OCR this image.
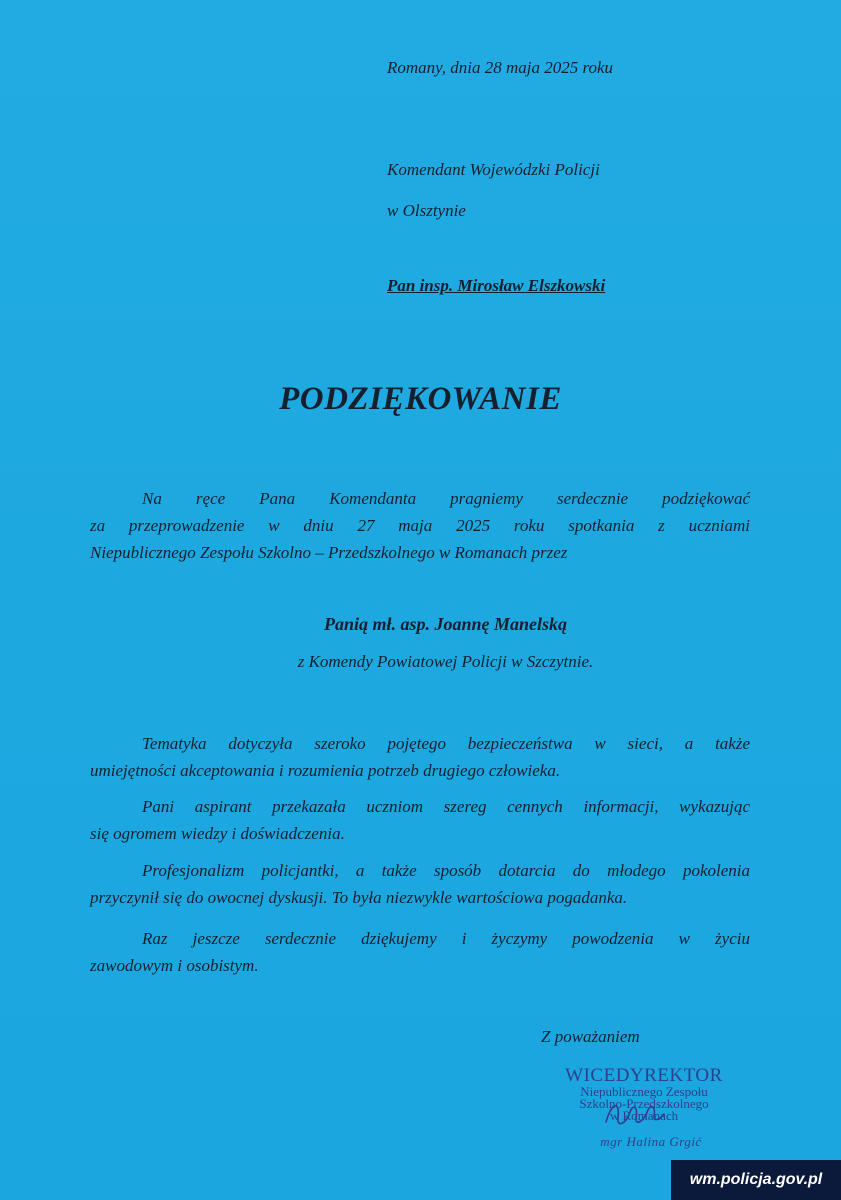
Romany, dnia 28 maja 2025 roku
Komendant Wojewódzki Policji
w Olsztynie
Pan insp. Mirosław Elszkowski
PODZIĘKOWANIE
Na ręce Pana Komendanta pragniemy serdecznie podziękować
za przeprowadzenie w dniu 27 maja 2025 roku spotkania z uczniami
Niepublicznego Zespołu Szkolno – Przedszkolnego w Romanach przez
Panią mł. asp. Joannę Manelską
z Komendy Powiatowej Policji w Szczytnie.
Tematyka dotyczyła szeroko pojętego bezpieczeństwa w sieci, a także
umiejętności akceptowania i rozumienia potrzeb drugiego człowieka.
Pani aspirant przekazała uczniom szereg cennych informacji, wykazując
się ogromem wiedzy i doświadczenia.
Profesjonalizm policjantki, a także sposób dotarcia do młodego pokolenia
przyczynił się do owocnej dyskusji. To była niezwykle wartościowa pogadanka.
Raz jeszcze serdecznie dziękujemy i życzymy powodzenia w życiu
zawodowym i osobistym.
Z poważaniem
WICEDYREKTOR
Niepublicznego Zespołu
Szkolno-Przedszkolnego
w Romanach
mgr Halina Grgić
wm.policja.gov.pl
